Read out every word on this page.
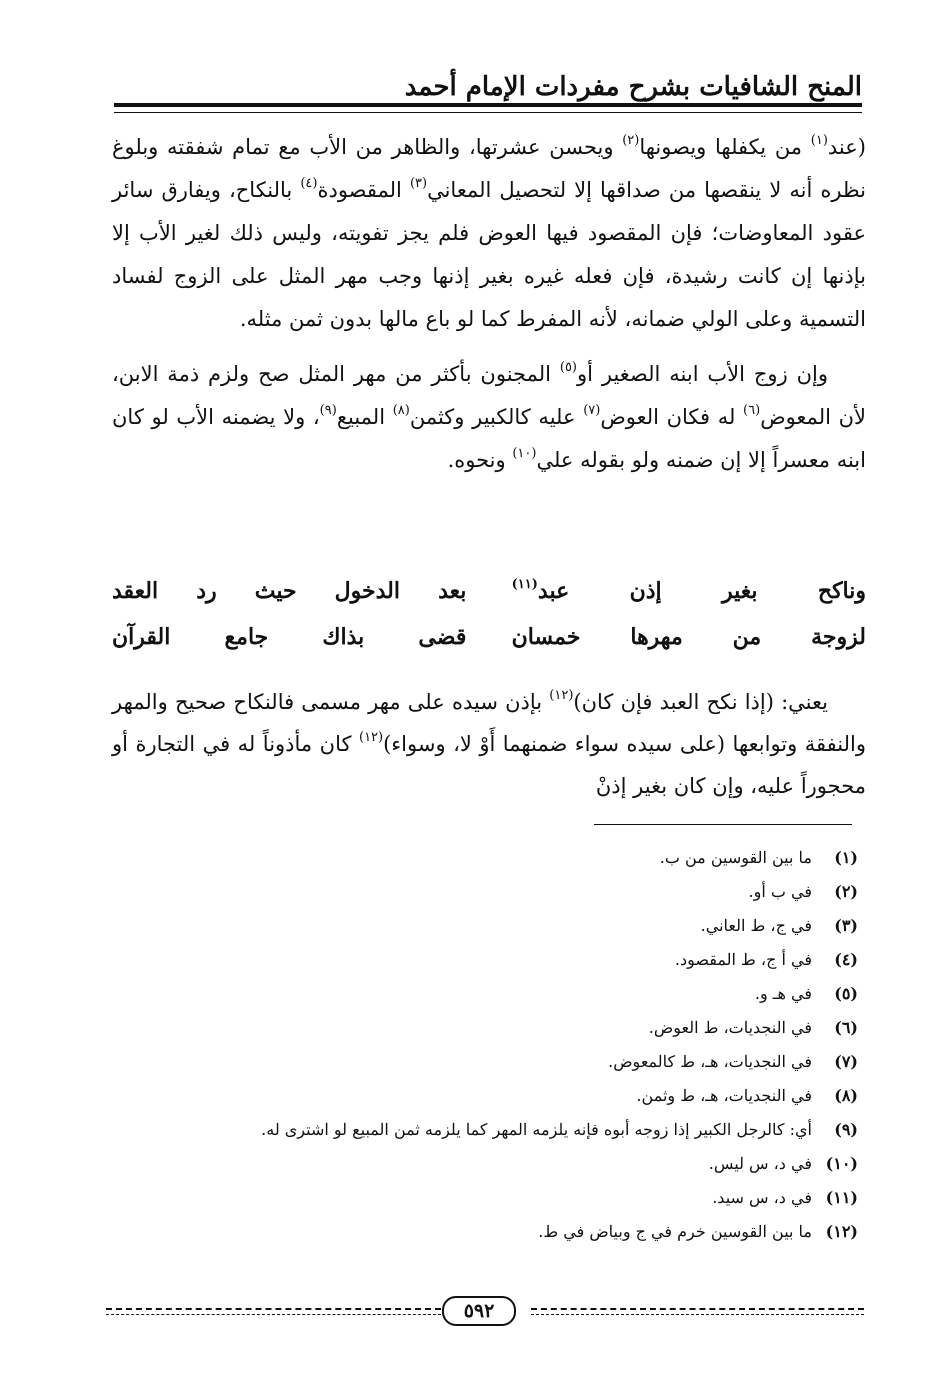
المنح الشافيات بشرح مفردات الإمام أحمد

(عند$^{(١)}$ من يكفلها ويصونها$^{(٢)}$ ويحسن عشرتها، والظاهر من الأب مع تمام شفقته وبلوغ نظره أنه لا ينقصها من صداقها إلا لتحصيل المعاني$^{(٣)}$ المقصودة$^{(٤)}$ بالنكاح، ويفارق سائر عقود المعاوضات؛ فإن المقصود فيها العوض فلم يجز تفويته، وليس ذلك لغير الأب إلا بإذنها إن كانت رشيدة، فإن فعله غيره بغير إذنها وجب مهر المثل على الزوج لفساد التسمية وعلى الولي ضمانه، لأنه المفرط كما لو باع مالها بدون ثمن مثله.

وإن زوج الأب ابنه الصغير أو$^{(٥)}$ المجنون بأكثر من مهر المثل صح ولزم ذمة الابن، لأن المعوض$^{(٦)}$ له فكان العوض$^{(٧)}$ عليه كالكبير وكثمن$^{(٨)}$ المبيع$^{(٩)}$، ولا يضمنه الأب لو كان ابنه معسراً إلا إن ضمنه ولو بقوله علي$^{(١٠)}$ ونحوه.

وناكح بغير إذن عبد$^{(١١)}$
بعد الدخول حيث رد العقد
لزوجة من مهرها خمسان
قضى بذاك جامع القرآن

يعني: (إذا نكح العبد فإن كان)$^{(١٢)}$ بإذن سيده على مهر مسمى فالنكاح صحيح والمهر والنفقة وتوابعها (على سيده سواء ضمنهما أَوْ لا، وسواء)$^{(١٢)}$ كان مأذوناً له في التجارة أو محجوراً عليه، وإن كان بغير إذنْ

(١)
ما بين القوسين من ب.
(٢)
في ب أو.
(٣)
في ج، ط العاني.
(٤)
في أ ج، ط المقصود.
(٥)
في هـ و.
(٦)
في النجديات، ط العوض.
(٧)
في النجديات، هـ، ط كالمعوض.
(٨)
في النجديات، هـ، ط وثمن.
(٩)
أي: كالرجل الكبير إذا زوجه أبوه فإنه يلزمه المهر كما يلزمه ثمن المبيع لو اشترى له.
(١٠)
في د، س ليس.
(١١)
في د، س سيد.
(١٢)
ما بين القوسين خرم في ج وبياض في ط.
٥٩٢
